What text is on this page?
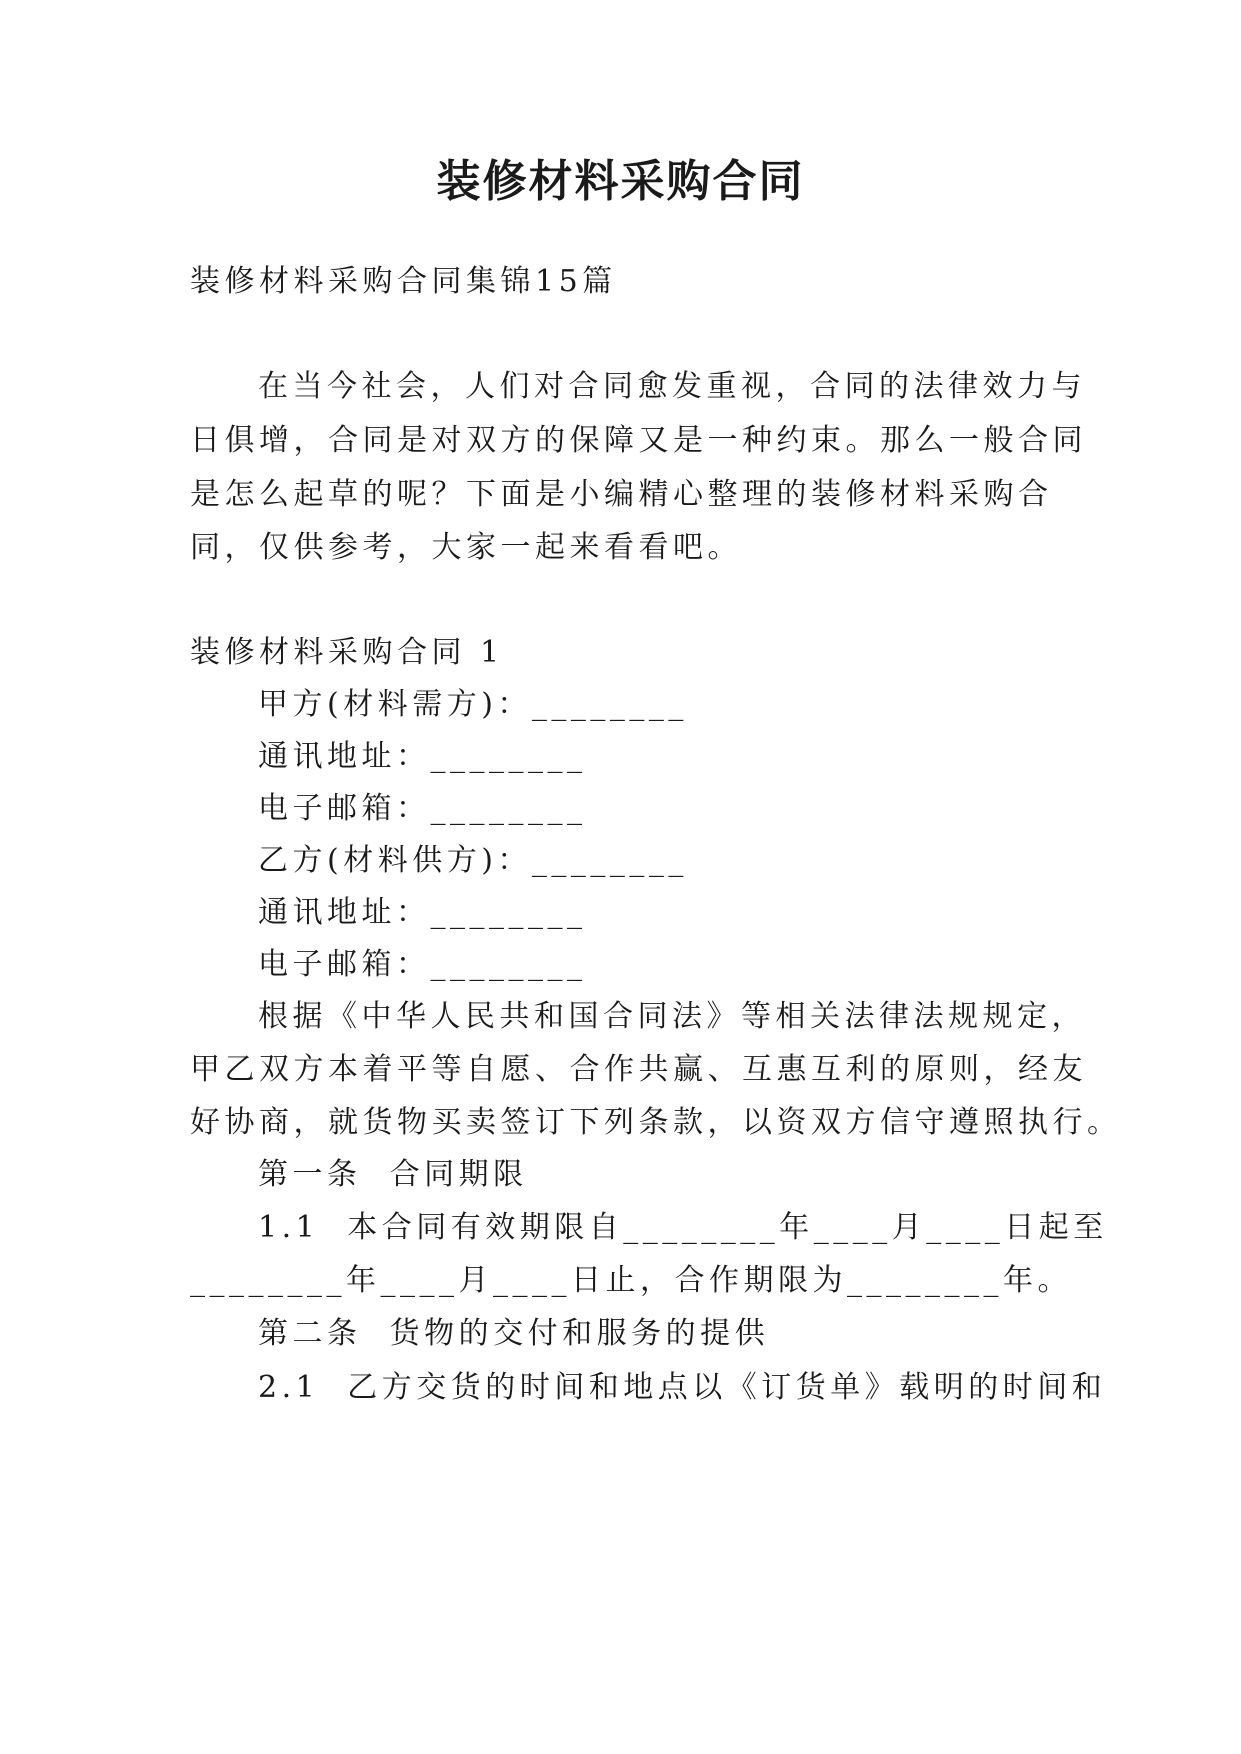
装修材料采购合同

装修材料采购合同集锦15篇

在当今社会，人们对合同愈发重视，合同的法律效力与

日俱增，合同是对双方的保障又是一种约束。那么一般合同

是怎么起草的呢？下面是小编精心整理的装修材料采购合

同，仅供参考，大家一起来看看吧。

装修材料采购合同 1

甲方(材料需方)：________

通讯地址：________

电子邮箱：________

乙方(材料供方)：________

通讯地址：________

电子邮箱：________

根据《中华人民共和国合同法》等相关法律法规规定，

甲乙双方本着平等自愿、合作共赢、互惠互利的原则，经友

好协商，就货物买卖签订下列条款，以资双方信守遵照执行。

第一条  合同期限

1.1  本合同有效期限自________年____月____日起至

________年____月____日止，合作期限为________年。

第二条  货物的交付和服务的提供

2.1  乙方交货的时间和地点以《订货单》载明的时间和
